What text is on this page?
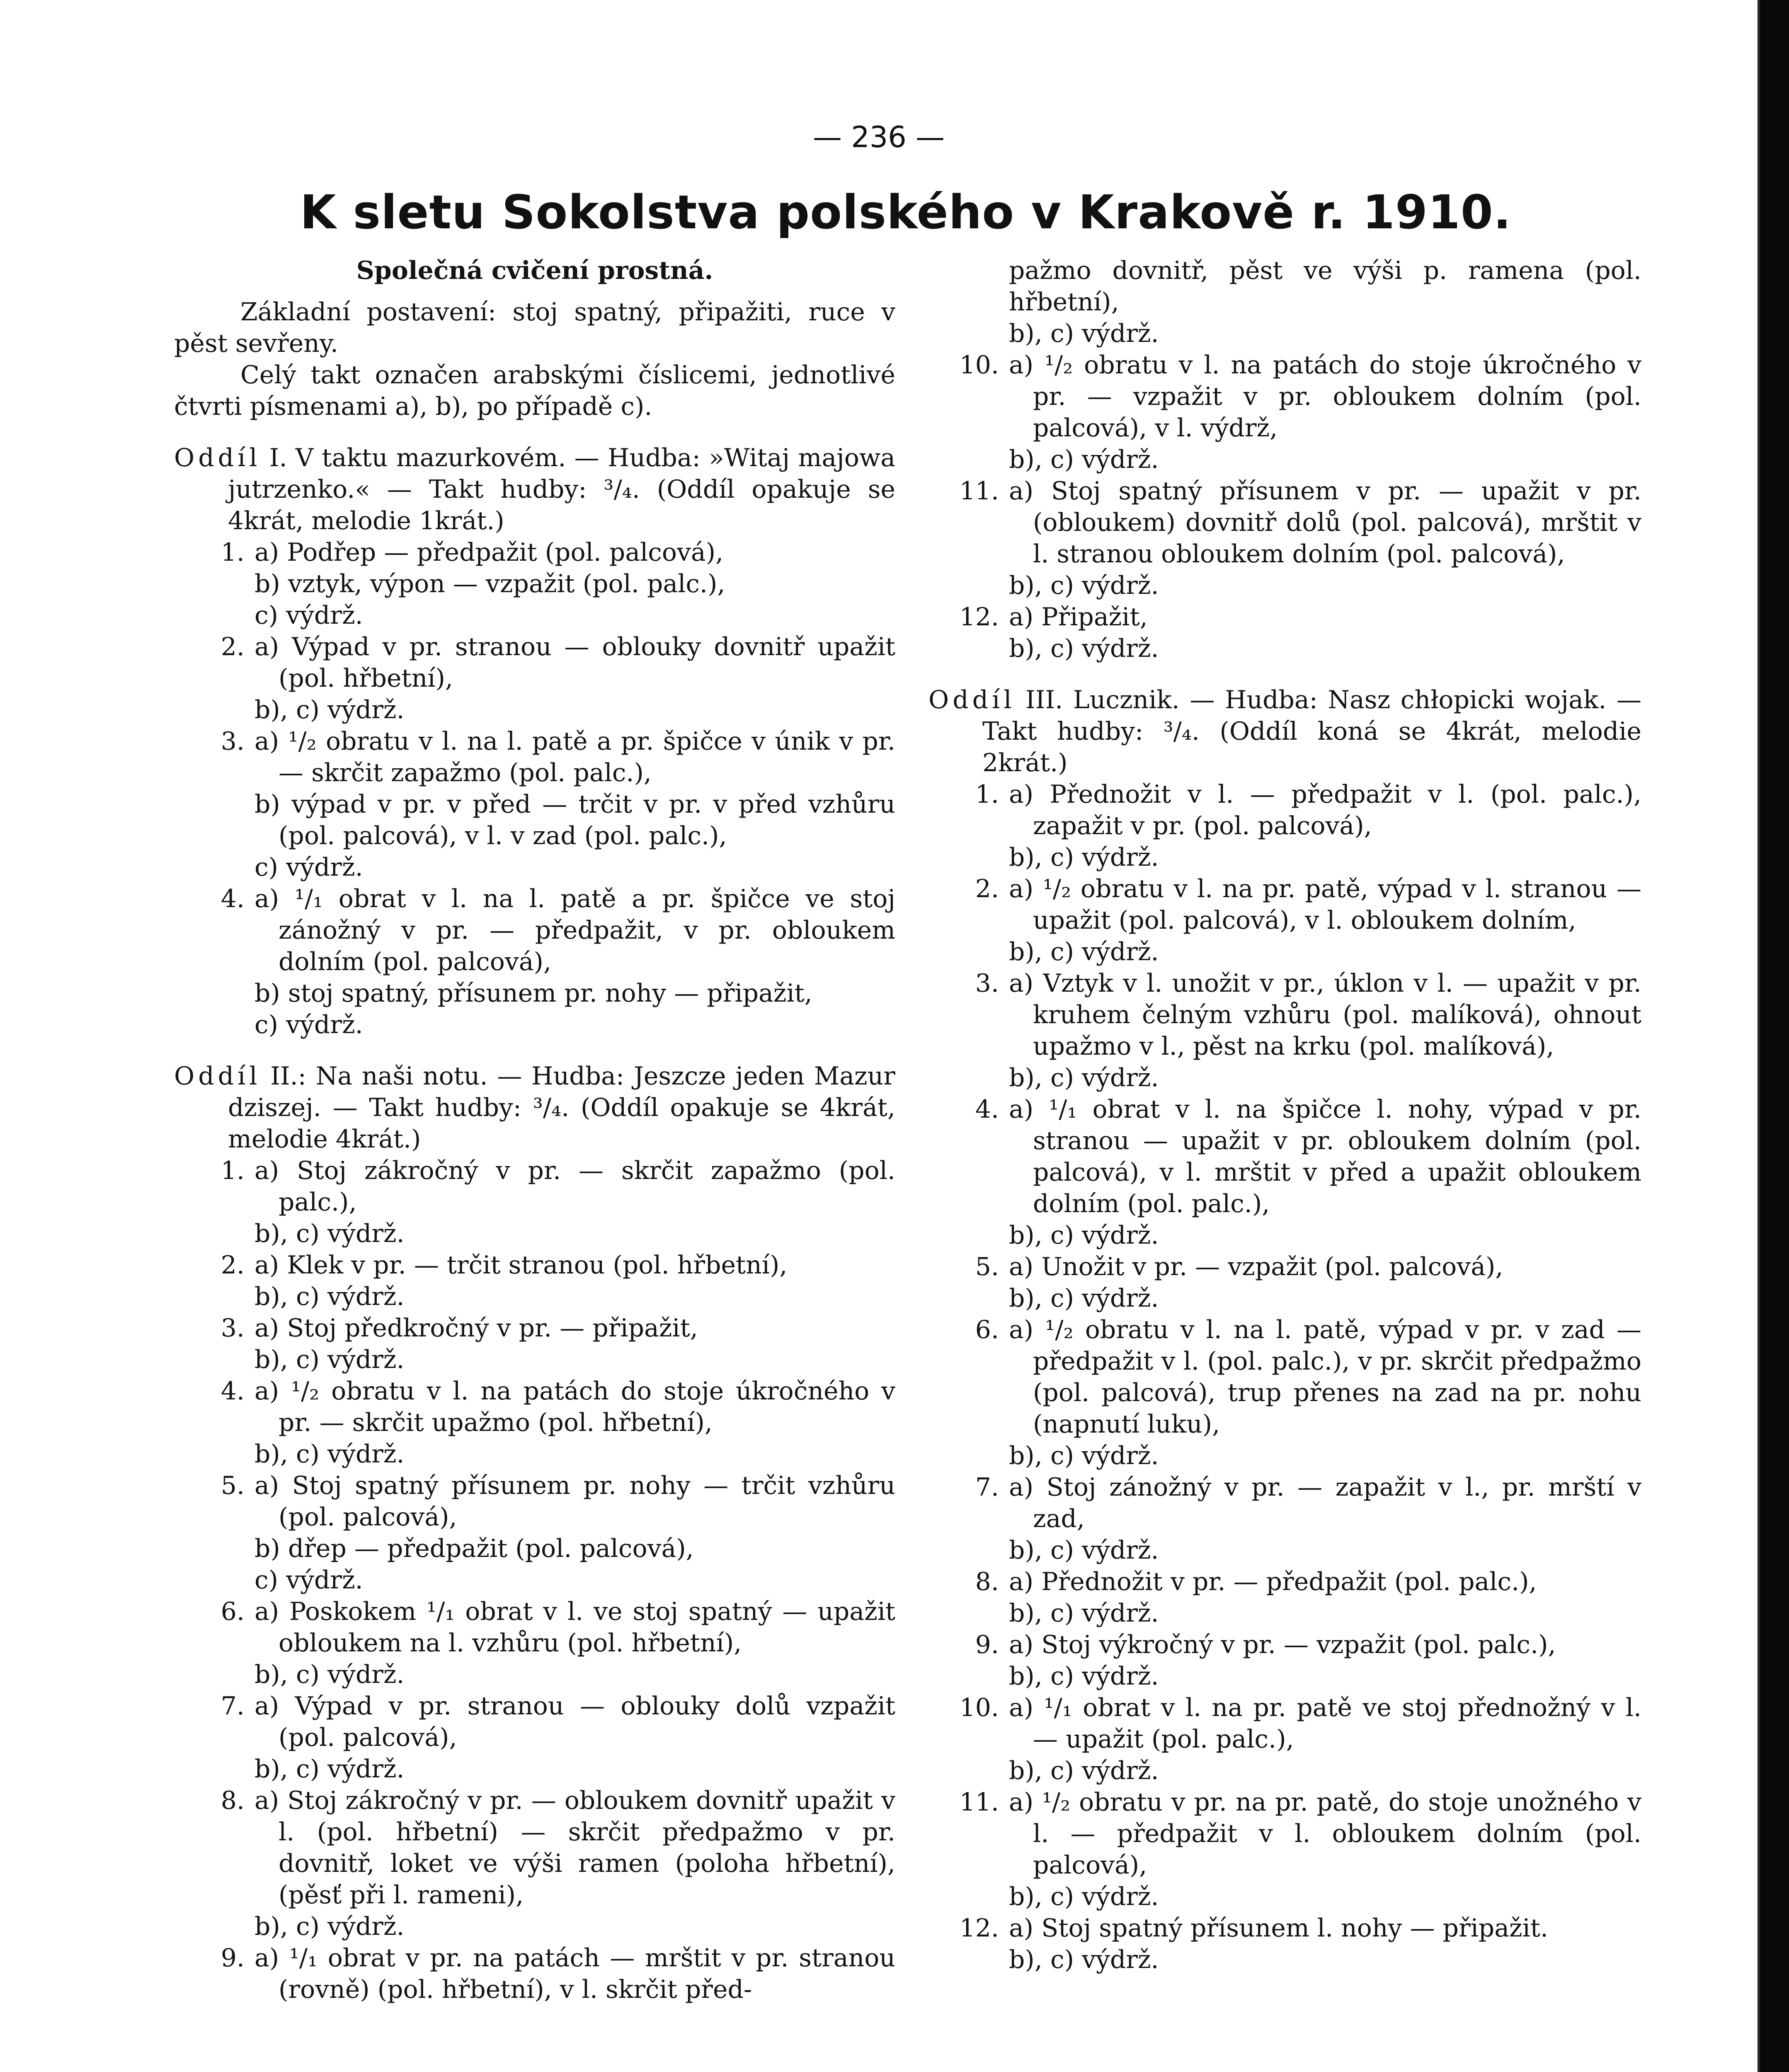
— 236 —
K sletu Sokolstva polského v Krakově r. 1910.
Společná cvičení prostná.
Základní postavení: stoj spatný, připažiti, ruce v pěst sevřeny.
Celý takt označen arabskými číslicemi, jednotlivé čtvrti písmenami a), b), po případě c).
Oddíl I. V taktu mazurkovém. — Hudba: »Witaj majowa jutrzenko.« — Takt hudby: ³/₄. (Oddíl opakuje se 4krát, melodie 1krát.)
1. a) Podřep — předpažit (pol. palcová),
b) vztyk, výpon — vzpažit (pol. palc.),
c) výdrž.
2. a) Výpad v pr. stranou — oblouky dovnitř upažit (pol. hřbetní),
b), c) výdrž.
3. a) ¹/₂ obratu v l. na l. patě a pr. špičce v únik v pr. — skrčit zapažmo (pol. palc.),
b) výpad v pr. v před — trčit v pr. v před vzhůru (pol. palcová), v l. v zad (pol. palc.),
c) výdrž.
4. a) ¹/₁ obrat v l. na l. patě a pr. špičce ve stoj zánožný v pr. — předpažit, v pr. obloukem dolním (pol. palcová),
b) stoj spatný, přísunem pr. nohy — připažit,
c) výdrž.
Oddíl II.: Na naši notu. — Hudba: Jeszcze jeden Mazur dziszej. — Takt hudby: ³/₄. (Oddíl opakuje se 4krát, melodie 4krát.)
1. a) Stoj zákročný v pr. — skrčit zapažmo (pol. palc.),
b), c) výdrž.
2. a) Klek v pr. — trčit stranou (pol. hřbetní),
b), c) výdrž.
3. a) Stoj předkročný v pr. — připažit,
b), c) výdrž.
4. a) ¹/₂ obratu v l. na patách do stoje úkročného v pr. — skrčit upažmo (pol. hřbetní),
b), c) výdrž.
5. a) Stoj spatný přísunem pr. nohy — trčit vzhůru (pol. palcová),
b) dřep — předpažit (pol. palcová),
c) výdrž.
6. a) Poskokem ¹/₁ obrat v l. ve stoj spatný — upažit obloukem na l. vzhůru (pol. hřbetní),
b), c) výdrž.
7. a) Výpad v pr. stranou — oblouky dolů vzpažit (pol. palcová),
b), c) výdrž.
8. a) Stoj zákročný v pr. — obloukem dovnitř upažit v l. (pol. hřbetní) — skrčit předpažmo v pr. dovnitř, loket ve výši ramen (poloha hřbetní), (pěsť při l. rameni),
b), c) výdrž.
9. a) ¹/₁ obrat v pr. na patách — mrštit v pr. stranou (rovně) (pol. hřbetní), v l. skrčit před-
pažmo dovnitř, pěst ve výši p. ramena (pol. hřbetní),
b), c) výdrž.
10. a) ¹/₂ obratu v l. na patách do stoje úkročného v pr. — vzpažit v pr. obloukem dolním (pol. palcová), v l. výdrž,
b), c) výdrž.
11. a) Stoj spatný přísunem v pr. — upažit v pr. (obloukem) dovnitř dolů (pol. palcová), mrštit v l. stranou obloukem dolním (pol. palcová),
b), c) výdrž.
12. a) Připažit,
b), c) výdrž.
Oddíl III. Lucznik. — Hudba: Nasz chłopicki wojak. — Takt hudby: ³/₄. (Oddíl koná se 4krát, melodie 2krát.)
1. a) Přednožit v l. — předpažit v l. (pol. palc.), zapažit v pr. (pol. palcová),
b), c) výdrž.
2. a) ¹/₂ obratu v l. na pr. patě, výpad v l. stranou — upažit (pol. palcová), v l. obloukem dolním,
b), c) výdrž.
3. a) Vztyk v l. unožit v pr., úklon v l. — upažit v pr. kruhem čelným vzhůru (pol. malíková), ohnout upažmo v l., pěst na krku (pol. malíková),
b), c) výdrž.
4. a) ¹/₁ obrat v l. na špičce l. nohy, výpad v pr. stranou — upažit v pr. obloukem dolním (pol. palcová), v l. mrštit v před a upažit obloukem dolním (pol. palc.),
b), c) výdrž.
5. a) Unožit v pr. — vzpažit (pol. palcová),
b), c) výdrž.
6. a) ¹/₂ obratu v l. na l. patě, výpad v pr. v zad — předpažit v l. (pol. palc.), v pr. skrčit předpažmo (pol. palcová), trup přenes na zad na pr. nohu (napnutí luku),
b), c) výdrž.
7. a) Stoj zánožný v pr. — zapažit v l., pr. mrští v zad,
b), c) výdrž.
8. a) Přednožit v pr. — předpažit (pol. palc.),
b), c) výdrž.
9. a) Stoj výkročný v pr. — vzpažit (pol. palc.),
b), c) výdrž.
10. a) ¹/₁ obrat v l. na pr. patě ve stoj přednožný v l. — upažit (pol. palc.),
b), c) výdrž.
11. a) ¹/₂ obratu v pr. na pr. patě, do stoje unožného v l. — předpažit v l. obloukem dolním (pol. palcová),
b), c) výdrž.
12. a) Stoj spatný přísunem l. nohy — připažit.
b), c) výdrž.
